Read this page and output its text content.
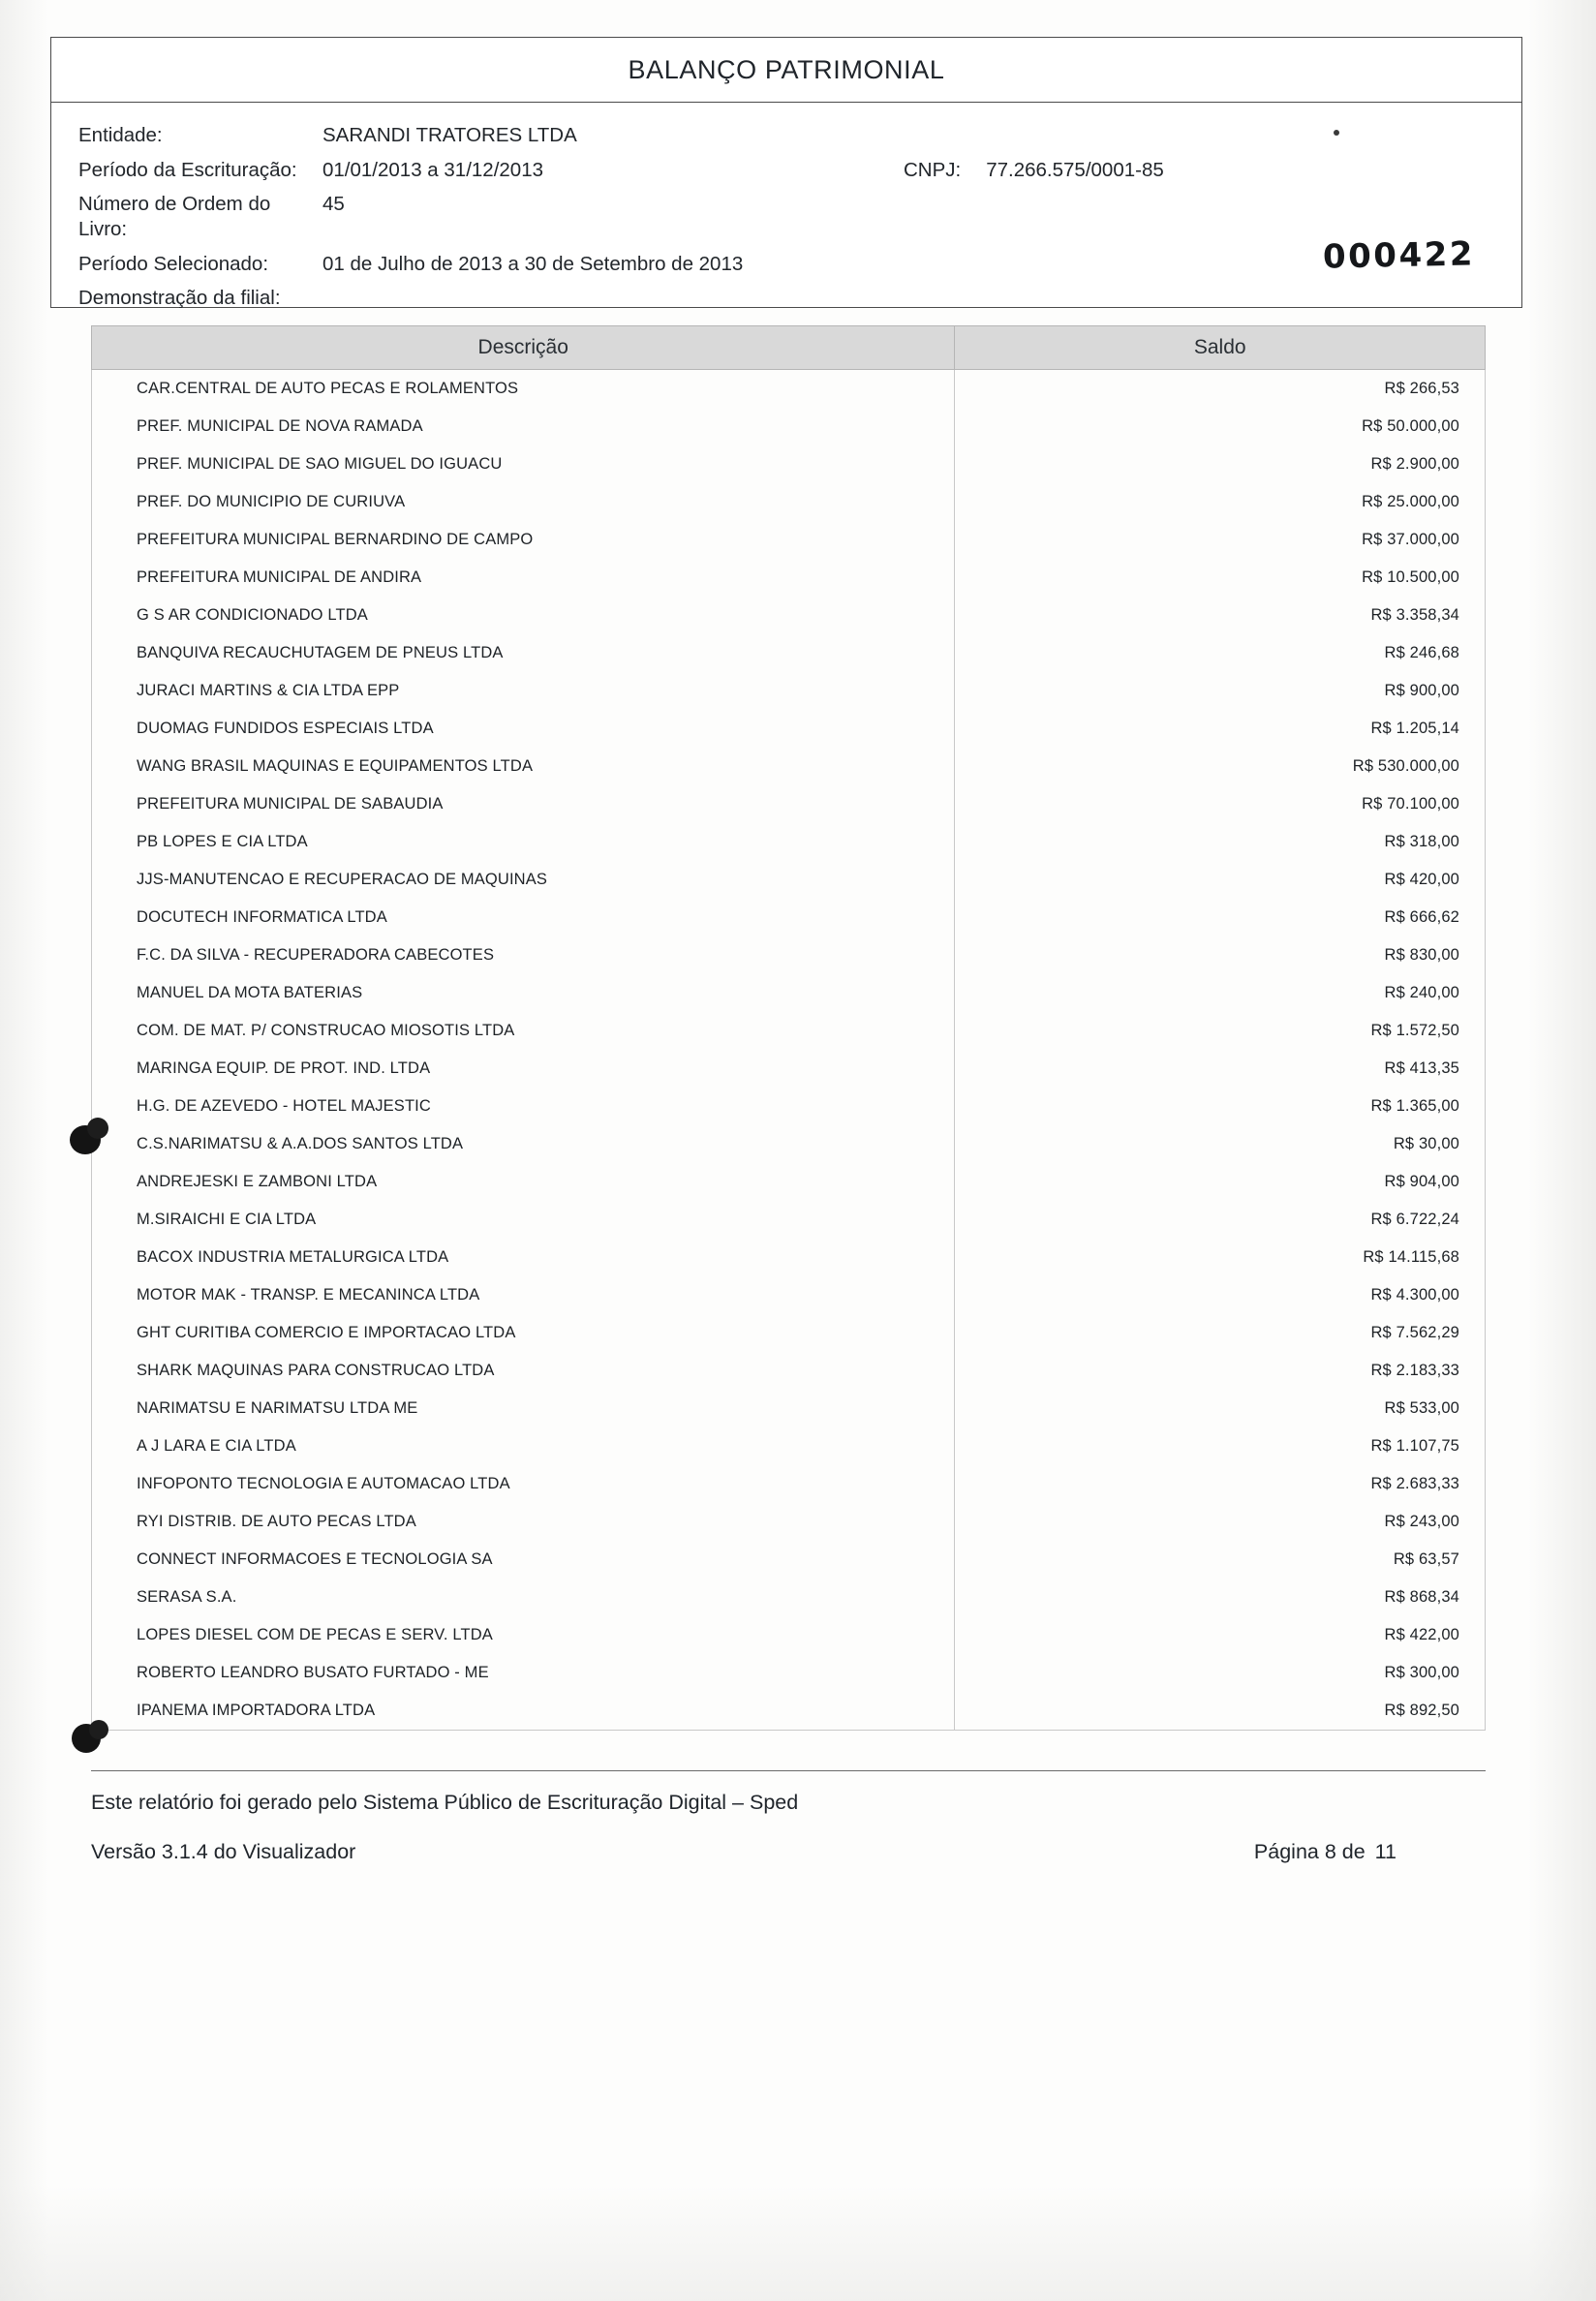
BALANÇO PATRIMONIAL
Entidade:	SARANDI TRATORES LTDA
Período da Escrituração:	01/01/2013 a 31/12/2013	CNPJ: 77.266.575/0001-85
Número de Ordem do Livro:
45
Período Selecionado:	01 de Julho de 2013 a 30 de Setembro de 2013
Demonstração da filial:
000422
Descrição	Saldo
CAR.CENTRAL DE AUTO PECAS E ROLAMENTOS	R$ 266,53
PREF. MUNICIPAL DE NOVA RAMADA	R$ 50.000,00
PREF. MUNICIPAL DE SAO MIGUEL DO IGUACU	R$ 2.900,00
PREF. DO MUNICIPIO DE CURIUVA	R$ 25.000,00
PREFEITURA MUNICIPAL BERNARDINO DE CAMPO	R$ 37.000,00
PREFEITURA MUNICIPAL DE ANDIRA	R$ 10.500,00
G S AR CONDICIONADO LTDA	R$ 3.358,34
BANQUIVA RECAUCHUTAGEM DE PNEUS LTDA	R$ 246,68
JURACI MARTINS & CIA LTDA EPP	R$ 900,00
DUOMAG FUNDIDOS ESPECIAIS LTDA	R$ 1.205,14
WANG BRASIL MAQUINAS E EQUIPAMENTOS LTDA	R$ 530.000,00
PREFEITURA MUNICIPAL DE SABAUDIA	R$ 70.100,00
PB LOPES E CIA LTDA	R$ 318,00
JJS-MANUTENCAO E RECUPERACAO DE MAQUINAS	R$ 420,00
DOCUTECH INFORMATICA LTDA	R$ 666,62
F.C. DA SILVA - RECUPERADORA CABECOTES	R$ 830,00
MANUEL DA MOTA BATERIAS	R$ 240,00
COM. DE MAT. P/ CONSTRUCAO MIOSOTIS LTDA	R$ 1.572,50
MARINGA EQUIP. DE PROT. IND. LTDA	R$ 413,35
H.G. DE AZEVEDO - HOTEL MAJESTIC	R$ 1.365,00
C.S.NARIMATSU & A.A.DOS SANTOS LTDA	R$ 30,00
ANDREJESKI E ZAMBONI LTDA	R$ 904,00
M.SIRAICHI E CIA LTDA	R$ 6.722,24
BACOX INDUSTRIA METALURGICA LTDA	R$ 14.115,68
MOTOR MAK - TRANSP. E MECANINCA LTDA	R$ 4.300,00
GHT CURITIBA COMERCIO E IMPORTACAO LTDA	R$ 7.562,29
SHARK MAQUINAS PARA CONSTRUCAO LTDA	R$ 2.183,33
NARIMATSU E NARIMATSU LTDA ME	R$ 533,00
A J LARA E CIA LTDA	R$ 1.107,75
INFOPONTO TECNOLOGIA E AUTOMACAO LTDA	R$ 2.683,33
RYI DISTRIB. DE AUTO PECAS LTDA	R$ 243,00
CONNECT INFORMACOES E TECNOLOGIA SA	R$ 63,57
SERASA S.A.	R$ 868,34
LOPES DIESEL COM DE PECAS E SERV. LTDA	R$ 422,00
ROBERTO LEANDRO BUSATO FURTADO - ME	R$ 300,00
IPANEMA IMPORTADORA LTDA	R$ 892,50
Este relatório foi gerado pelo Sistema Público de Escrituração Digital – Sped
Versão 3.1.4 do Visualizador	Página 8 de 11
